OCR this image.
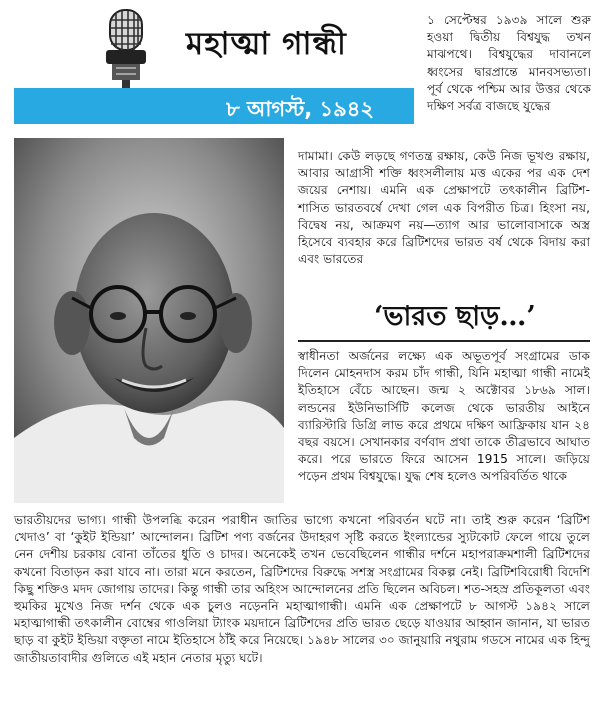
মহাত্মা গান্ধী
৮ আগস্ট, ১৯৪২

১ সেপ্টেম্বর ১৯৩৯ সালে শুরু হওয়া দ্বিতীয় বিশ্বযুদ্ধ তখন মাঝপথে। বিশ্বযুদ্ধের দাবানলে ধ্বংসের দ্বারপ্রান্তে মানবসভ্যতা। পূর্ব থেকে পশ্চিম আর উত্তর থেকে দক্ষিণ সর্বত্র বাজছে যুদ্ধের

দামামা। কেউ লড়ছে গণতন্ত্র রক্ষায়, কেউ নিজ ভূখণ্ড রক্ষায়, আবার আগ্রাসী শক্তি ধ্বংসলীলায় মত্ত একের পর এক দেশ জয়ের নেশায়। এমনি এক প্রেক্ষাপটে তৎকালীন ব্রিটিশ-শাসিত ভারতবর্ষে দেখা গেল এক বিপরীত চিত্র। হিংসা নয়, বিদ্বেষ নয়, আক্রমণ নয়—ত্যাগ আর ভালোবাসাকে অস্ত্র হিসেবে ব্যবহার করে ব্রিটিশদের ভারত বর্ষ থেকে বিদায় করা এবং ভারতের

‘ভারত ছাড়…’

স্বাধীনতা অর্জনের লক্ষ্যে এক অভূতপূর্ব সংগ্রামের ডাক দিলেন মোহনদাস করম চাঁদ গান্ধী, যিনি মহাত্মা গান্ধী নামেই ইতিহাসে বেঁচে আছেন। জন্ম ২ অক্টোবর ১৮৬৯ সাল। লন্ডনের ইউনিভার্সিটি কলেজ থেকে ভারতীয় আইনে ব্যারিস্টারি ডিগ্রি লাভ করে প্রথমে দক্ষিণ আফ্রিকায় যান ২৪ বছর বয়সে। সেখানকার বর্ণবাদ প্রথা তাকে তীব্রভাবে আঘাত করে। পরে ভারতে ফিরে আসেন 1915 সালে। জড়িয়ে পড়েন প্রথম বিশ্বযুদ্ধে। যুদ্ধ শেষ হলেও অপরিবর্তিত থাকে

ভারতীয়দের ভাগ্য। গান্ধী উপলব্ধি করেন পরাধীন জাতির ভাগ্যে কখনো পরিবর্তন ঘটে না। তাই শুরু করেন ‘ব্রিটিশ খেদাও’ বা ‘কুইট ইন্ডিয়া’ আন্দোলন। ব্রিটিশ পণ্য বর্জনের উদাহরণ সৃষ্টি করতে ইংল্যান্ডের স্যুটকোট ফেলে গায়ে তুলে নেন দেশীয় চরকায় বোনা তাঁতের ধুতি ও চাদর। অনেকেই তখন ভেবেছিলেন গান্ধীর দর্শনে মহাপরাক্রমশালী ব্রিটিশদের কখনো বিতাড়ন করা যাবে না। তারা মনে করতেন, ব্রিটিশদের বিরুদ্ধে সশস্ত্র সংগ্রামের বিকল্প নেই। ব্রিটিশবিরোধী বিদেশি কিছু শক্তিও মদদ জোগায় তাদের। কিন্তু গান্ধী তার অহিংস আন্দোলনের প্রতি ছিলেন অবিচল। শত-সহস্র প্রতিকূলতা এবং হুমকির মুখেও নিজ দর্শন থেকে এক চুলও নড়েননি মহাত্মাগান্ধী। এমনি এক প্রেক্ষাপটে ৮ আগস্ট ১৯৪২ সালে মহাত্মাগান্ধী তৎকালীন বোম্বের গাওলিয়া ট্যাংক ময়দানে ব্রিটিশদের প্রতি ভারত ছেড়ে যাওয়ার আহ্বান জানান, যা ভারত ছাড় বা কুইট ইন্ডিয়া বক্তৃতা নামে ইতিহাসে ঠাঁই করে নিয়েছে। ১৯৪৮ সালের ৩০ জানুয়ারি নথুরাম গডসে নামের এক হিন্দু জাতীয়তাবাদীর গুলিতে এই মহান নেতার মৃত্যু ঘটে।
